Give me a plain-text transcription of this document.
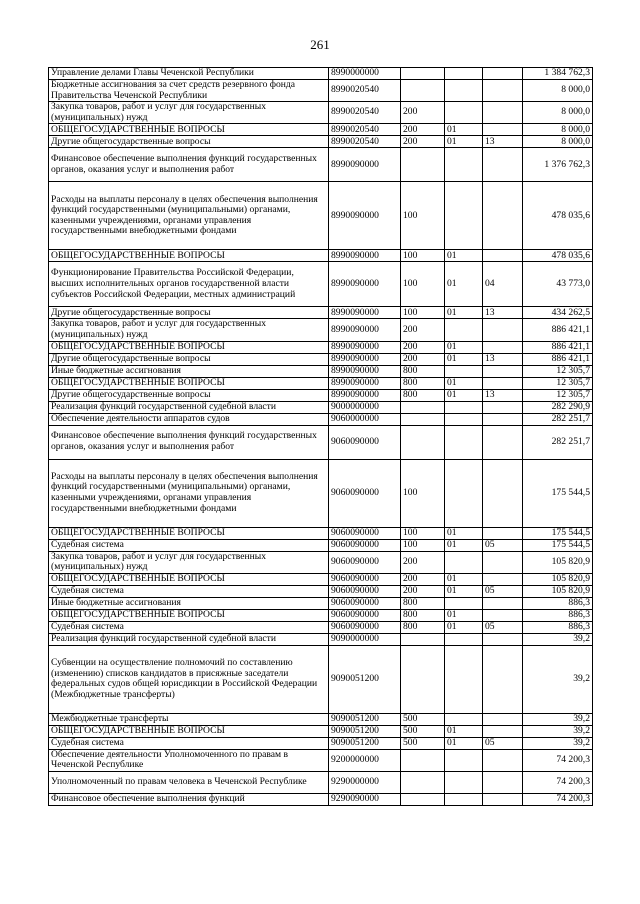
261
Управление делами Главы Чеченской Республики	8990000000				1 384 762,3
Бюджетные ассигнования за счет средств резервного фонда Правительства Чеченской Республики	8990020540				8 000,0
Закупка товаров, работ и услуг для государственных (муниципальных) нужд	8990020540	200			8 000,0
ОБЩЕГОСУДАРСТВЕННЫЕ ВОПРОСЫ	8990020540	200	01		8 000,0
Другие общегосударственные вопросы	8990020540	200	01	13	8 000,0
Финансовое обеспечение выполнения функций государственных органов, оказания услуг и выполнения работ	8990090000				1 376 762,3
Расходы на выплаты персоналу в целях обеспечения выполнения функций государственными (муниципальными) органами, казенными учреждениями, органами управления государственными внебюджетными фондами	8990090000	100			478 035,6
ОБЩЕГОСУДАРСТВЕННЫЕ ВОПРОСЫ	8990090000	100	01		478 035,6
Функционирование Правительства Российской Федерации, высших исполнительных органов государственной власти субъектов Российской Федерации, местных администраций	8990090000	100	01	04	43 773,0
Другие общегосударственные вопросы	8990090000	100	01	13	434 262,5
Закупка товаров, работ и услуг для государственных (муниципальных) нужд	8990090000	200			886 421,1
ОБЩЕГОСУДАРСТВЕННЫЕ ВОПРОСЫ	8990090000	200	01		886 421,1
Другие общегосударственные вопросы	8990090000	200	01	13	886 421,1
Иные бюджетные ассигнования	8990090000	800			12 305,7
ОБЩЕГОСУДАРСТВЕННЫЕ ВОПРОСЫ	8990090000	800	01		12 305,7
Другие общегосударственные вопросы	8990090000	800	01	13	12 305,7
Реализация функций государственной судебной власти	9000000000				282 290,9
Обеспечение деятельности аппаратов судов	9060000000				282 251,7
Финансовое обеспечение выполнения функций государственных органов, оказания услуг и выполнения работ	9060090000				282 251,7
Расходы на выплаты персоналу в целях обеспечения выполнения функций государственными (муниципальными) органами, казенными учреждениями, органами управления государственными внебюджетными фондами	9060090000	100			175 544,5
ОБЩЕГОСУДАРСТВЕННЫЕ ВОПРОСЫ	9060090000	100	01		175 544,5
Судебная система	9060090000	100	01	05	175 544,5
Закупка товаров, работ и услуг для государственных (муниципальных) нужд	9060090000	200			105 820,9
ОБЩЕГОСУДАРСТВЕННЫЕ ВОПРОСЫ	9060090000	200	01		105 820,9
Судебная система	9060090000	200	01	05	105 820,9
Иные бюджетные ассигнования	9060090000	800			886,3
ОБЩЕГОСУДАРСТВЕННЫЕ ВОПРОСЫ	9060090000	800	01		886,3
Судебная система	9060090000	800	01	05	886,3
Реализация функций государственной судебной власти	9090000000				39,2
Субвенции на осуществление полномочий по составлению (изменению) списков кандидатов в присяжные заседатели федеральных судов общей юрисдикции в Российской Федерации (Межбюджетные трансферты)	9090051200				39,2
Межбюджетные трансферты	9090051200	500			39,2
ОБЩЕГОСУДАРСТВЕННЫЕ ВОПРОСЫ	9090051200	500	01		39,2
Судебная система	9090051200	500	01	05	39,2
Обеспечение деятельности Уполномоченного по правам в Чеченской Республике	9200000000				74 200,3
Уполномоченный по правам человека в Чеченской Республике	9290000000				74 200,3
Финансовое обеспечение выполнения функций	9290090000				74 200,3
